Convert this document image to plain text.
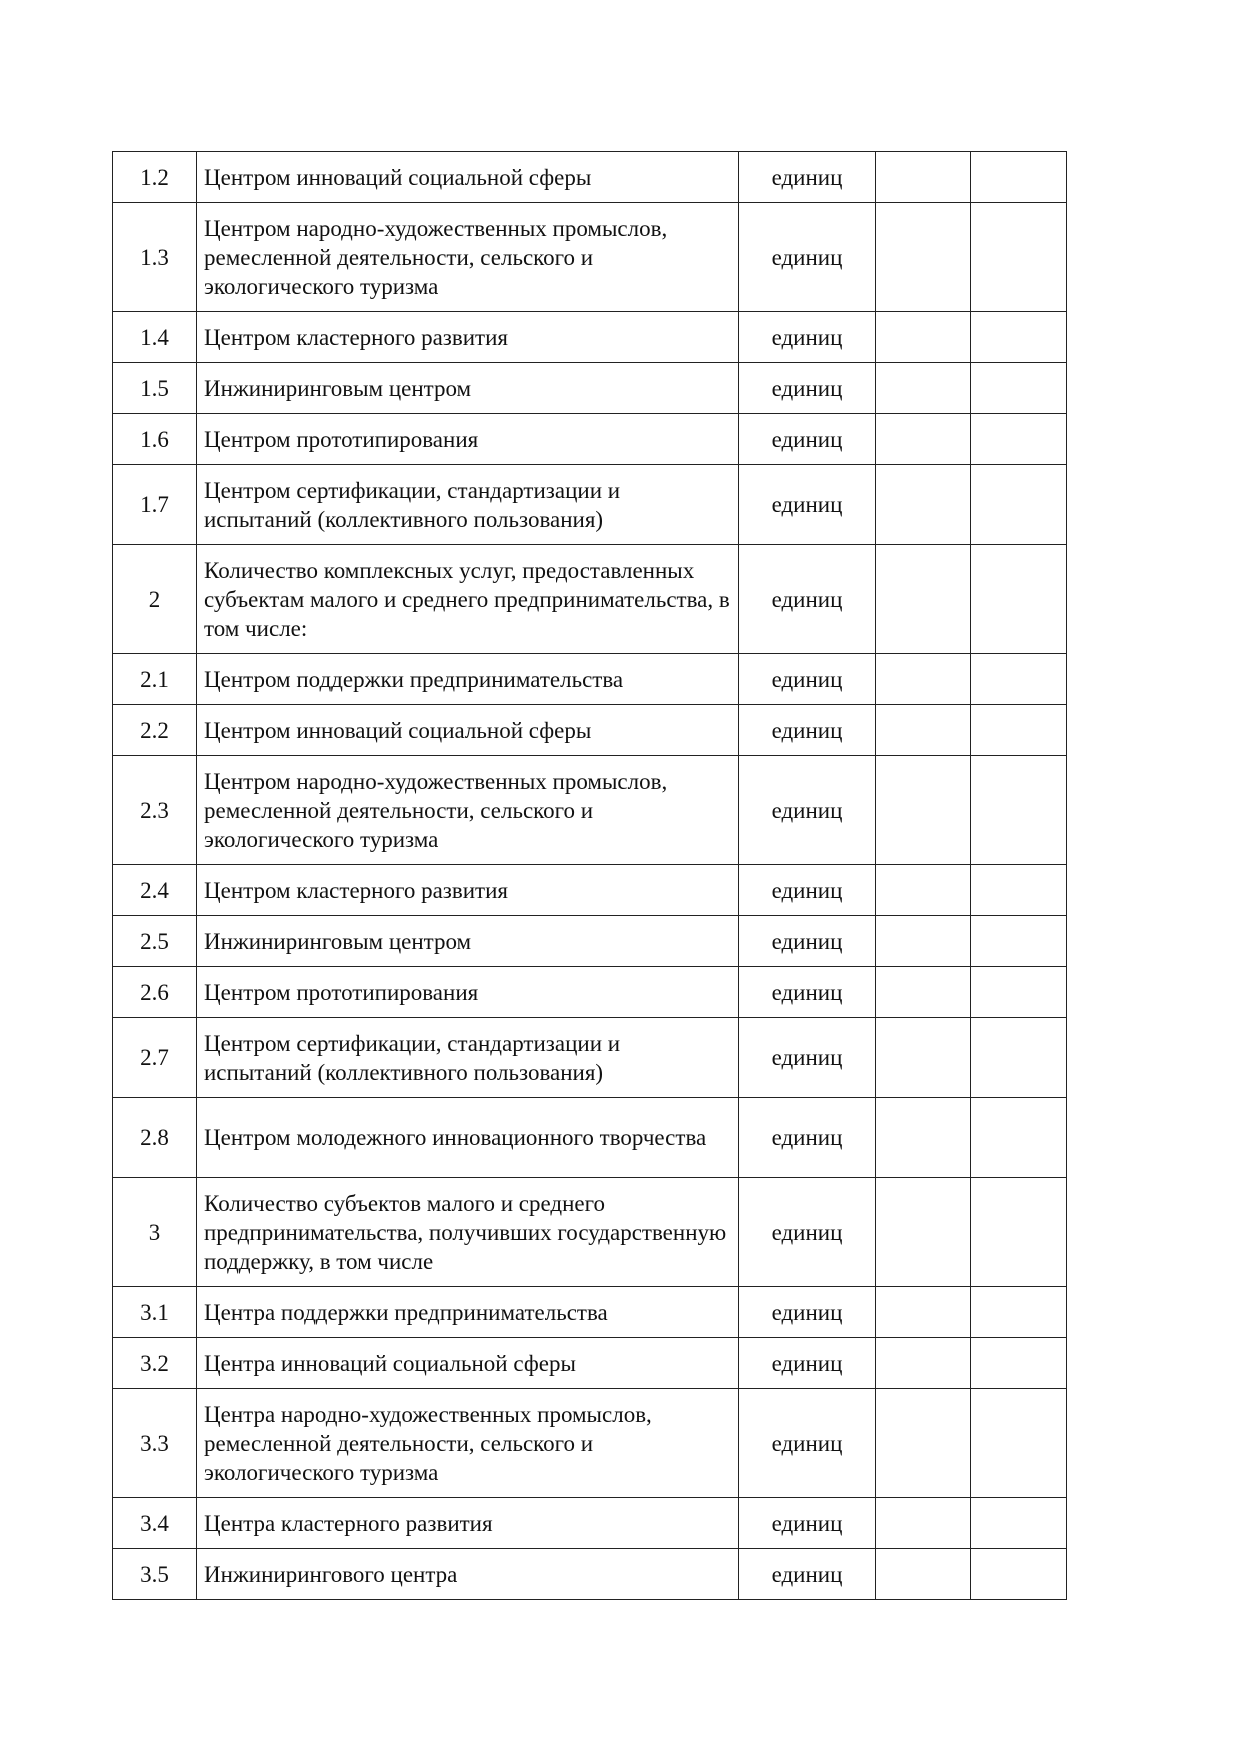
1.2	Центром инноваций социальной сферы	единиц		
1.3	Центром народно-художественных промыслов, ремесленной деятельности, сельского и экологического туризма	единиц		
1.4	Центром кластерного развития	единиц		
1.5	Инжиниринговым центром	единиц		
1.6	Центром прототипирования	единиц		
1.7	Центром сертификации, стандартизации и испытаний (коллективного пользования)	единиц		
2	Количество комплексных услуг, предоставленных субъектам малого и среднего предпринимательства, в том числе:	единиц		
2.1	Центром поддержки предпринимательства	единиц		
2.2	Центром инноваций социальной сферы	единиц		
2.3	Центром народно-художественных промыслов, ремесленной деятельности, сельского и экологического туризма	единиц		
2.4	Центром кластерного развития	единиц		
2.5	Инжиниринговым центром	единиц		
2.6	Центром прототипирования	единиц		
2.7	Центром сертификации, стандартизации и испытаний (коллективного пользования)	единиц		
2.8	Центром молодежного инновационного творчества	единиц		
3	Количество субъектов малого и среднего предпринимательства, получивших государственную поддержку, в том числе	единиц		
3.1	Центра поддержки предпринимательства	единиц		
3.2	Центра инноваций социальной сферы	единиц		
3.3	Центра народно-художественных промыслов, ремесленной деятельности, сельского и экологического туризма	единиц		
3.4	Центра кластерного развития	единиц		
3.5	Инжинирингового центра	единиц		
